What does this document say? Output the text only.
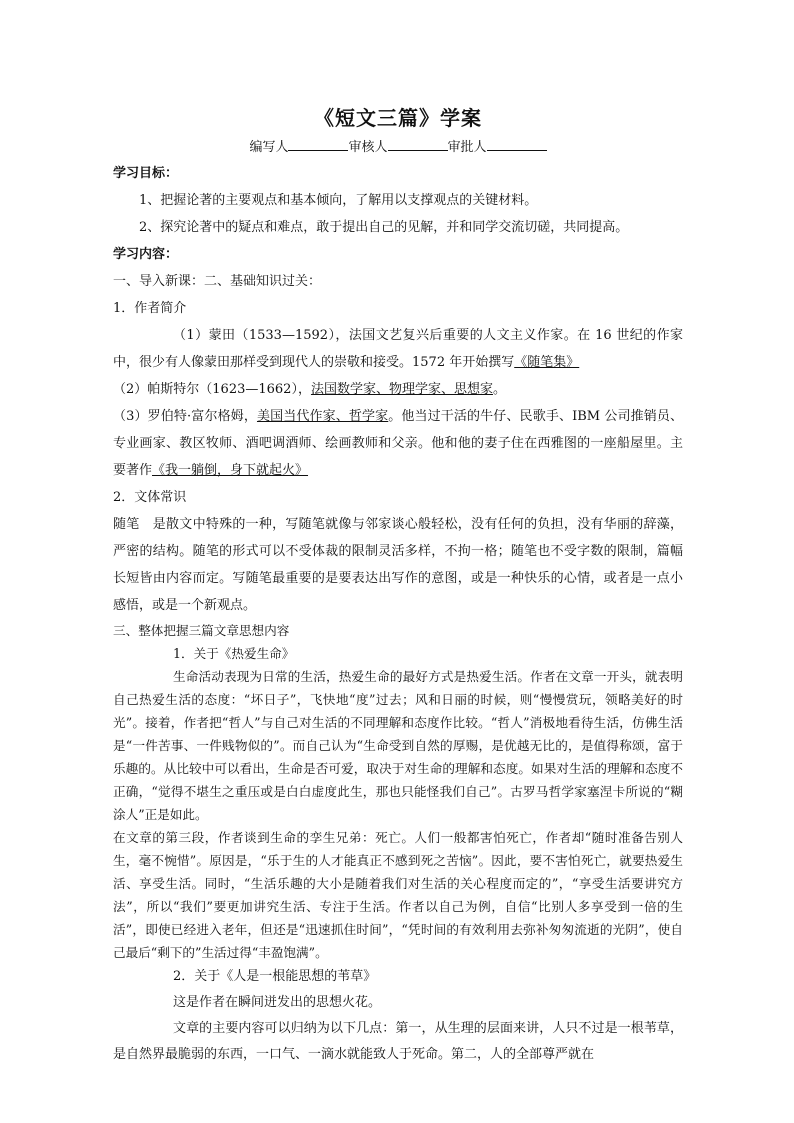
《短文三篇》学案
编写人	审核人	审批人

学习目标：

1、把握论著的主要观点和基本倾向，了解用以支撑观点的关键材料。

2、探究论著中的疑点和难点，敢于提出自己的见解，并和同学交流切磋，共同提高。

学习内容：

一、导入新课：二、基础知识过关：

1．作者简介

（1）蒙田（1533—1592），法国文艺复兴后重要的人文主义作家。在 16 世纪的作家中，很少有人像蒙田那样受到现代人的崇敬和接受。1572 年开始撰写《随笔集》

（2）帕斯特尔（1623—1662），法国数学家、物理学家、思想家。

（3）罗伯特·富尔格姆，美国当代作家、哲学家。他当过干活的牛仔、民歌手、IBM 公司推销员、专业画家、教区牧师、酒吧调酒师、绘画教师和父亲。他和他的妻子住在西雅图的一座船屋里。主要著作《我一躺倒，身下就起火》

2．文体常识

随笔　是散文中特殊的一种，写随笔就像与邻家谈心般轻松，没有任何的负担，没有华丽的辞藻，严密的结构。随笔的形式可以不受体裁的限制灵活多样，不拘一格；随笔也不受字数的限制，篇幅长短皆由内容而定。写随笔最重要的是要表达出写作的意图，或是一种快乐的心情，或者是一点小感悟，或是一个新观点。

三、整体把握三篇文章思想内容

1．关于《热爱生命》

生命活动表现为日常的生活，热爱生命的最好方式是热爱生活。作者在文章一开头，就表明自己热爱生活的态度：“坏日子”，飞快地“度”过去；风和日丽的时候，则“慢慢赏玩，领略美好的时光”。接着，作者把“哲人”与自己对生活的不同理解和态度作比较。“哲人”消极地看待生活，仿佛生活是“一件苦事、一件贱物似的”。而自己认为“生命受到自然的厚赐，是优越无比的，是值得称颂，富于乐趣的。从比较中可以看出，生命是否可爱，取决于对生命的理解和态度。如果对生活的理解和态度不正确，“觉得不堪生之重压或是白白虚度此生，那也只能怪我们自己”。古罗马哲学家塞涅卡所说的“糊涂人”正是如此。

在文章的第三段，作者谈到生命的孪生兄弟：死亡。人们一般都害怕死亡，作者却“随时准备告别人生，毫不惋惜”。原因是，“乐于生的人才能真正不感到死之苦恼”。因此，要不害怕死亡，就要热爱生活、享受生活。同时，“生活乐趣的大小是随着我们对生活的关心程度而定的”，“享受生活要讲究方法”，所以“我们”要更加讲究生活、专注于生活。作者以自己为例，自信“比别人多享受到一倍的生活”，即使已经进入老年，但还是“迅速抓住时间”，“凭时间的有效利用去弥补匆匆流逝的光阴”，使自己最后“剩下的”生活过得“丰盈饱满”。

2．关于《人是一根能思想的苇草》

这是作者在瞬间迸发出的思想火花。

文章的主要内容可以归纳为以下几点：第一，从生理的层面来讲，人只不过是一根苇草，是自然界最脆弱的东西，一口气、一滴水就能致人于死命。第二，人的全部尊严就在
